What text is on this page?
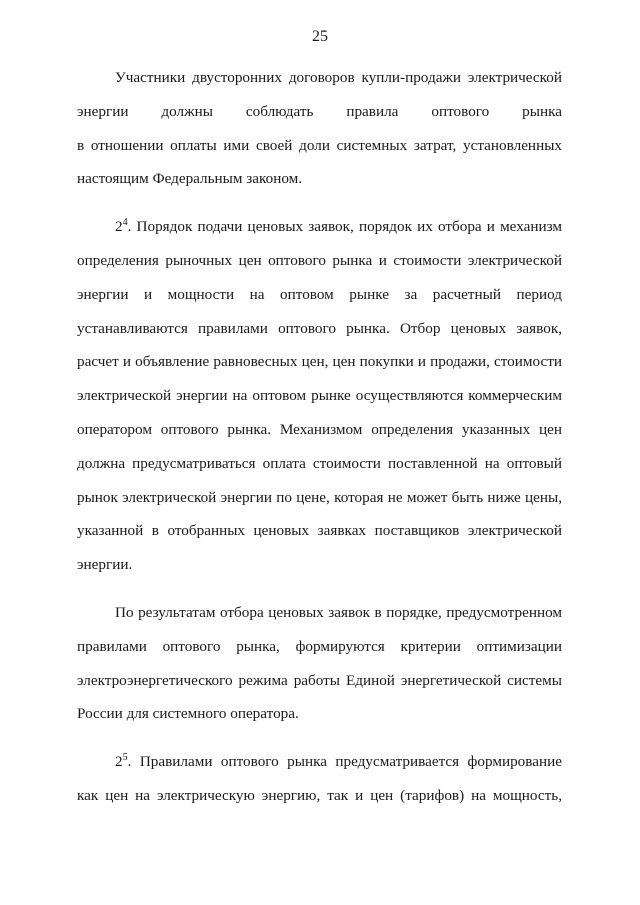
25
Участники двусторонних договоров купли-продажи электрической
энергии должны соблюдать правила оптового рынка
в отношении оплаты ими своей доли системных затрат, установленных
настоящим Федеральным законом.
$2^4$. Порядок подачи ценовых заявок, порядок их отбора и механизм
определения рыночных цен оптового рынка и стоимости электрической
энергии и мощности на оптовом рынке за расчетный период
устанавливаются правилами оптового рынка. Отбор ценовых заявок,
расчет и объявление равновесных цен, цен покупки и продажи, стоимости
электрической энергии на оптовом рынке осуществляются коммерческим
оператором оптового рынка. Механизмом определения указанных цен
должна предусматриваться оплата стоимости поставленной на оптовый
рынок электрической энергии по цене, которая не может быть ниже цены,
указанной в отобранных ценовых заявках поставщиков электрической
энергии.
По результатам отбора ценовых заявок в порядке, предусмотренном
правилами оптового рынка, формируются критерии оптимизации
электроэнергетического режима работы Единой энергетической системы
России для системного оператора.
$2^5$. Правилами оптового рынка предусматривается формирование
как цен на электрическую энергию, так и цен (тарифов) на мощность,
